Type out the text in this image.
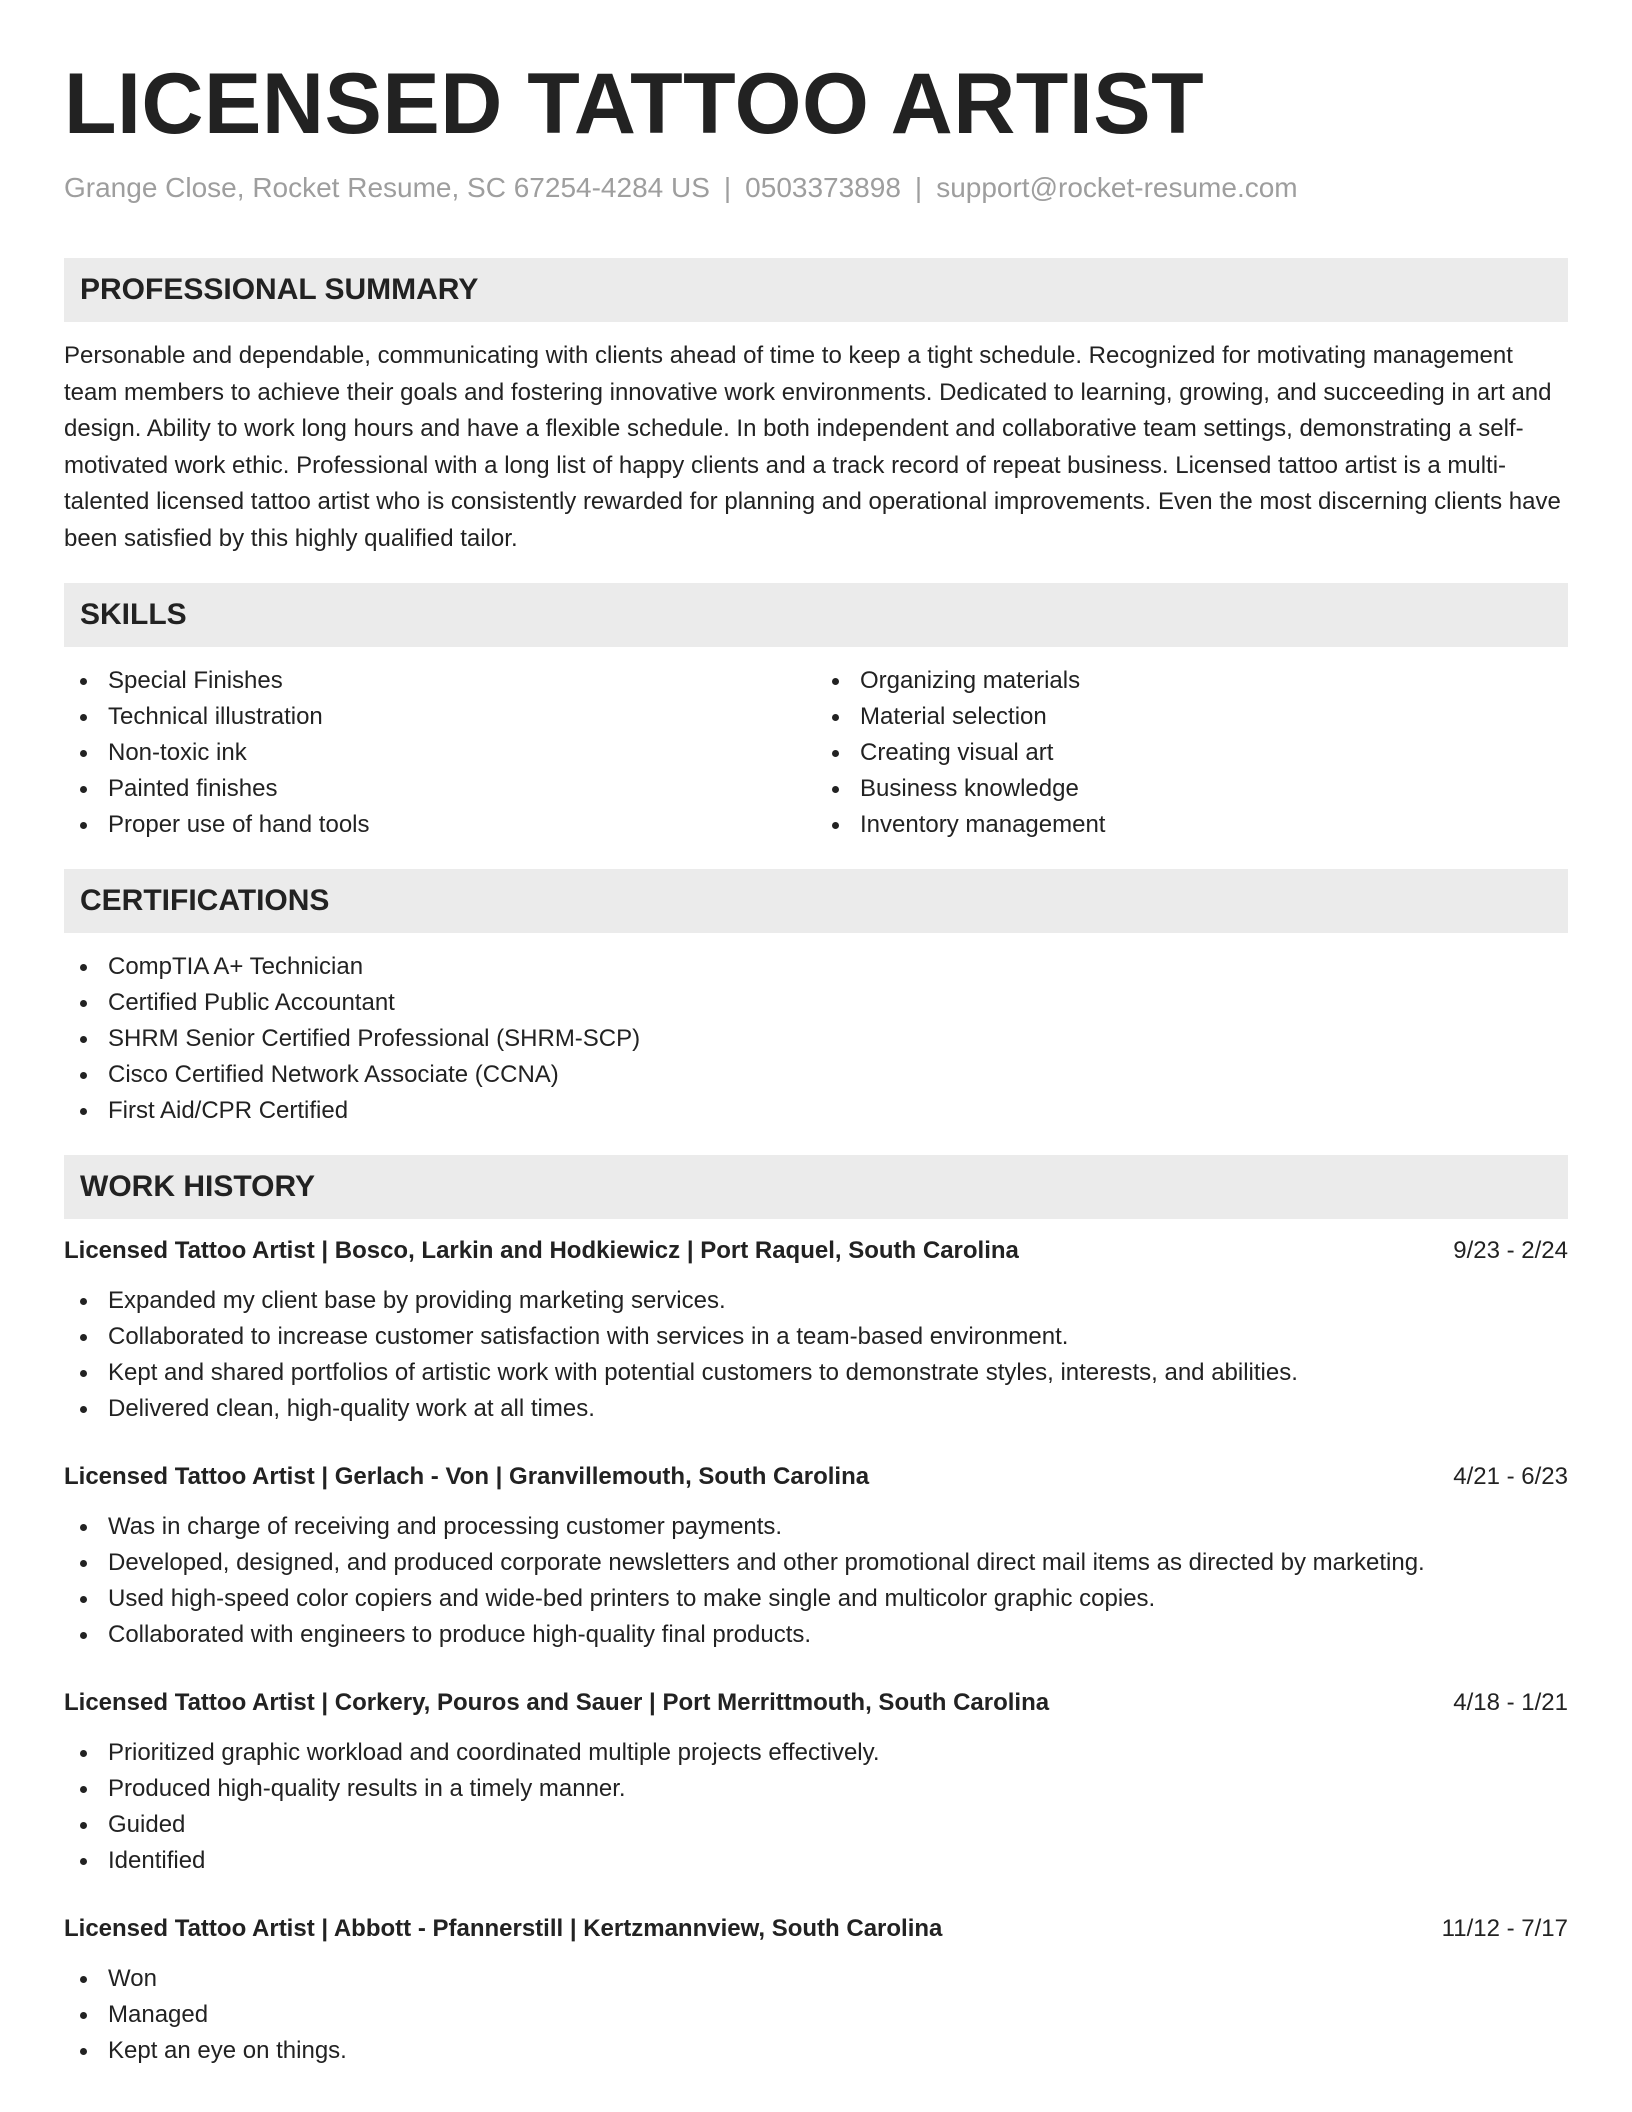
LICENSED TATTOO ARTIST
Grange Close, Rocket Resume, SC 67254-4284 US | 0503373898 | support@rocket-resume.com
PROFESSIONAL SUMMARY

Personable and dependable, communicating with clients ahead of time to keep a tight schedule. Recognized for motivating management team members to achieve their goals and fostering innovative work environments. Dedicated to learning, growing, and succeeding in art and design. Ability to work long hours and have a flexible schedule. In both independent and collaborative team settings, demonstrating a self-motivated work ethic. Professional with a long list of happy clients and a track record of repeat business. Licensed tattoo artist is a multi-talented licensed tattoo artist who is consistently rewarded for planning and operational improvements. Even the most discerning clients have been satisfied by this highly qualified tailor.

SKILLS
Special Finishes
Technical illustration
Non-toxic ink
Painted finishes
Proper use of hand tools
Organizing materials
Material selection
Creating visual art
Business knowledge
Inventory management
CERTIFICATIONS
CompTIA A+ Technician
Certified Public Accountant
SHRM Senior Certified Professional (SHRM-SCP)
Cisco Certified Network Associate (CCNA)
First Aid/CPR Certified
WORK HISTORY
Licensed Tattoo Artist | Bosco, Larkin and Hodkiewicz | Port Raquel, South Carolina	9/23 - 2/24
Expanded my client base by providing marketing services.
Collaborated to increase customer satisfaction with services in a team-based environment.
Kept and shared portfolios of artistic work with potential customers to demonstrate styles, interests, and abilities.
Delivered clean, high-quality work at all times.
Licensed Tattoo Artist | Gerlach - Von | Granvillemouth, South Carolina	4/21 - 6/23
Was in charge of receiving and processing customer payments.
Developed, designed, and produced corporate newsletters and other promotional direct mail items as directed by marketing.
Used high-speed color copiers and wide-bed printers to make single and multicolor graphic copies.
Collaborated with engineers to produce high-quality final products.
Licensed Tattoo Artist | Corkery, Pouros and Sauer | Port Merrittmouth, South Carolina	4/18 - 1/21
Prioritized graphic workload and coordinated multiple projects effectively.
Produced high-quality results in a timely manner.
Guided
Identified
Licensed Tattoo Artist | Abbott - Pfannerstill | Kertzmannview, South Carolina	11/12 - 7/17
Won
Managed
Kept an eye on things.
